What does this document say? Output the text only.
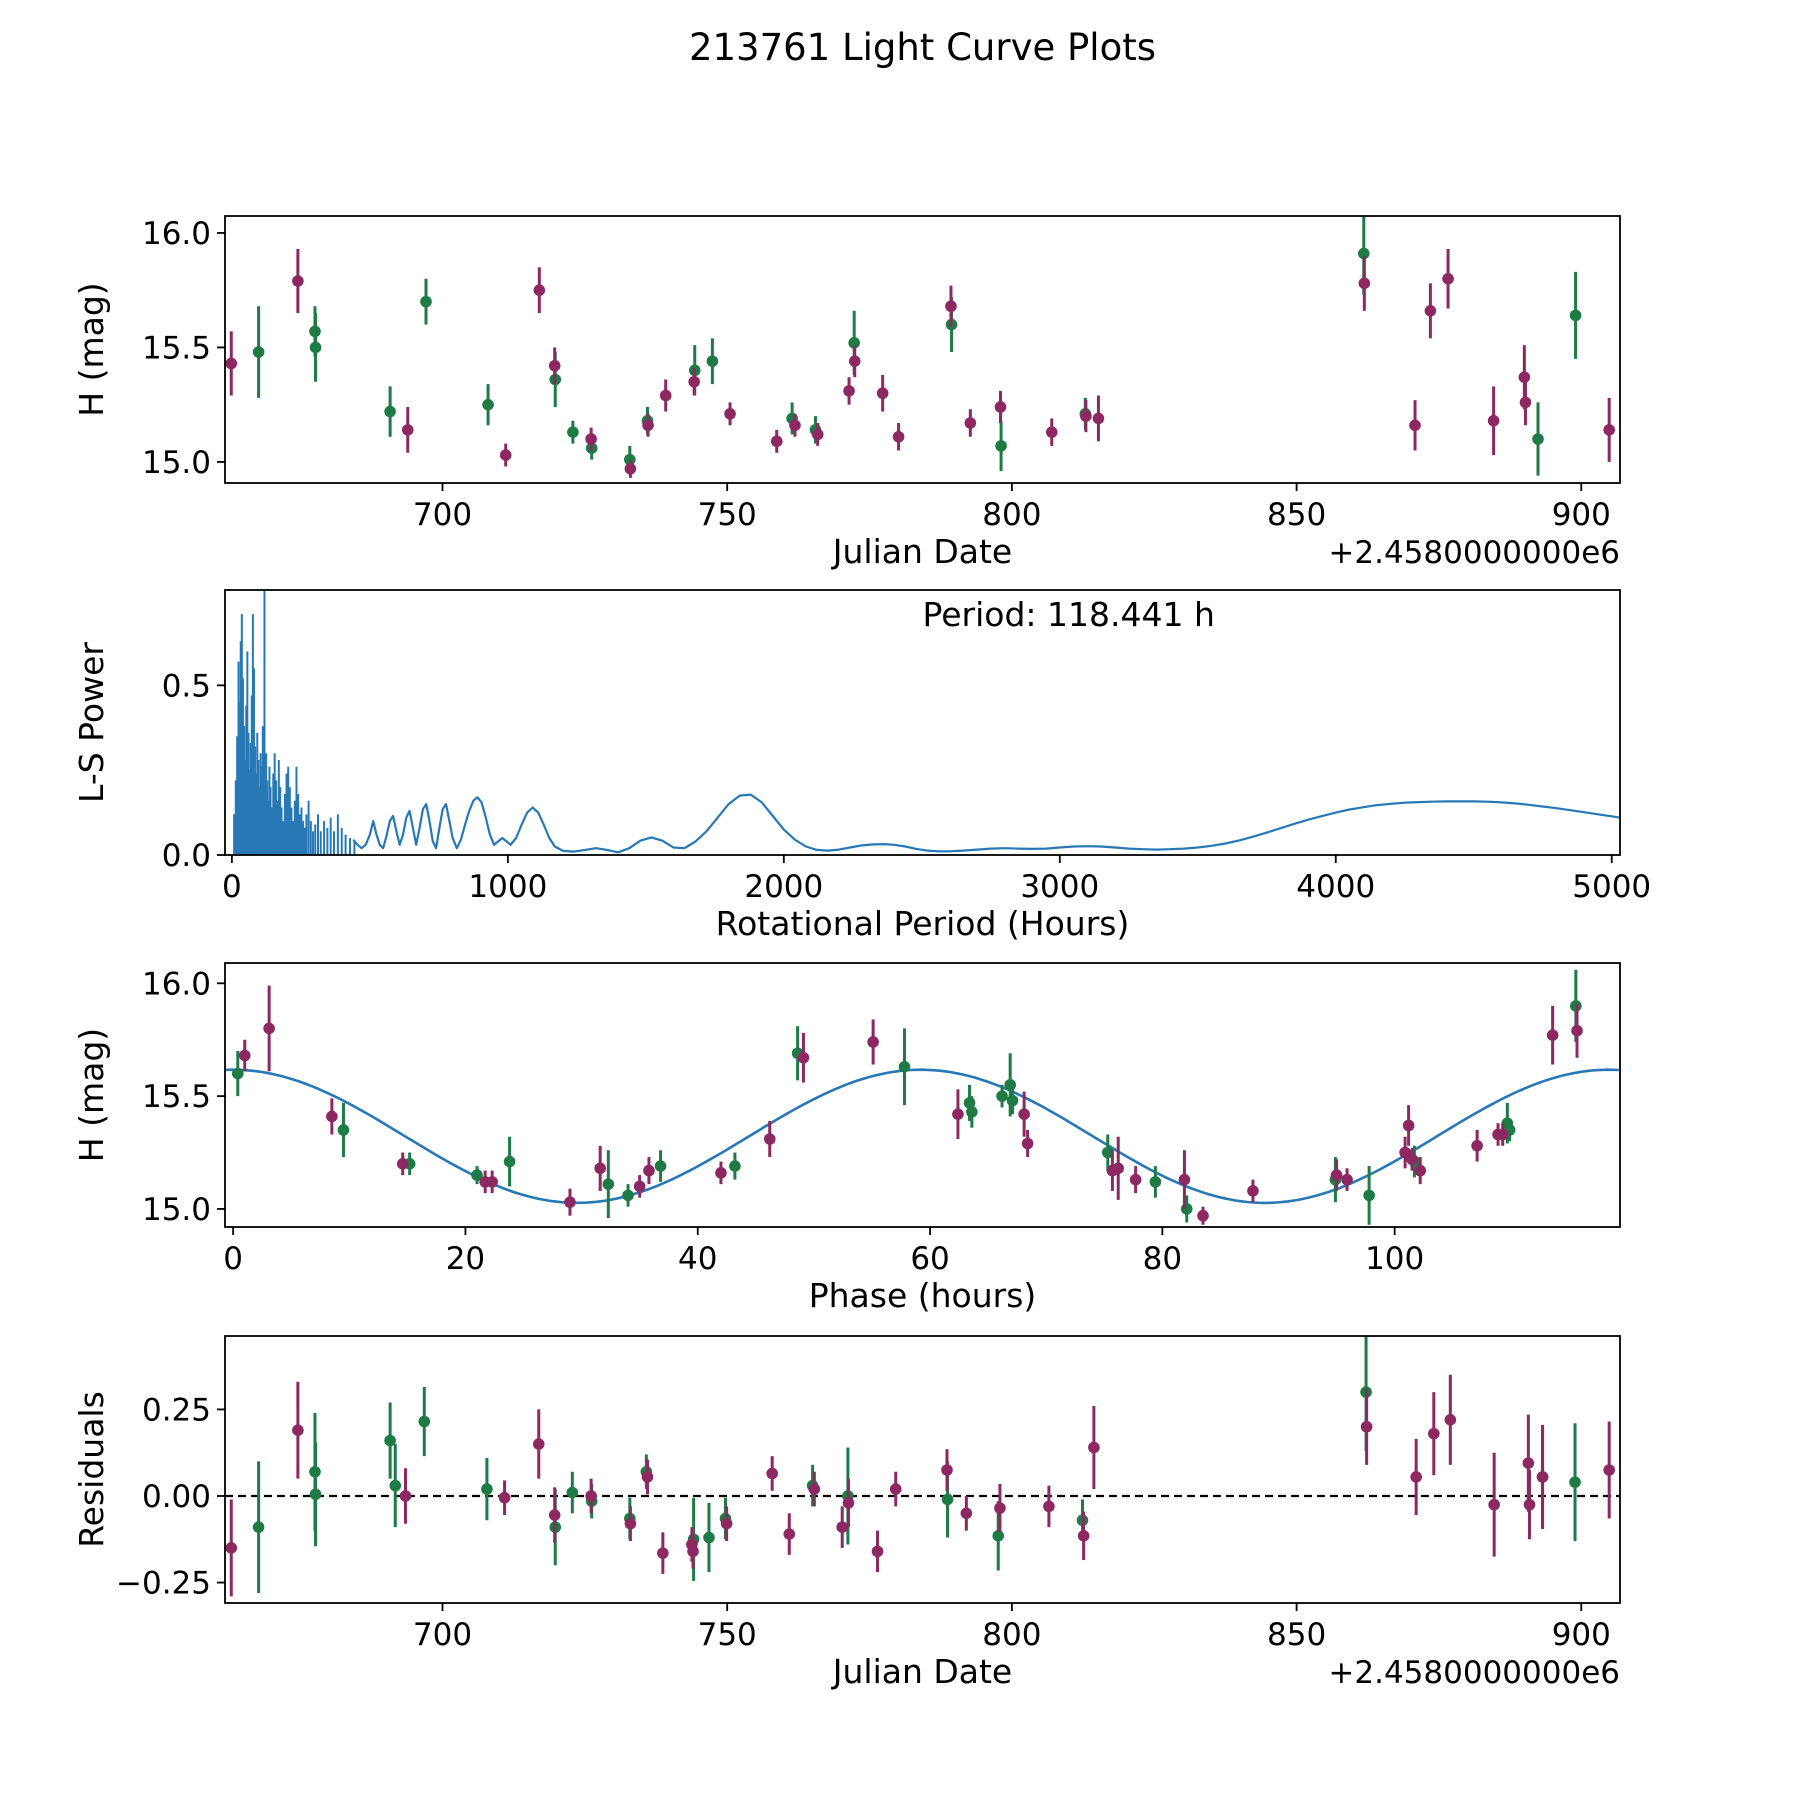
213761 Light Curve Plots
700	750	800	850	900
15.0
15.5
16.0
Julian Date
H (mag)
+2.4580000000e6
0	1000	2000	3000	4000	5000
0.0
0.5
Rotational Period (Hours)
L-S Power
Period: 118.441 h
0	20	40	60	80	100
15.0
15.5
16.0
Phase (hours)
H (mag)
700	750	800	850	900
−0.25
0.00
0.25
Julian Date
Residuals
+2.4580000000e6
